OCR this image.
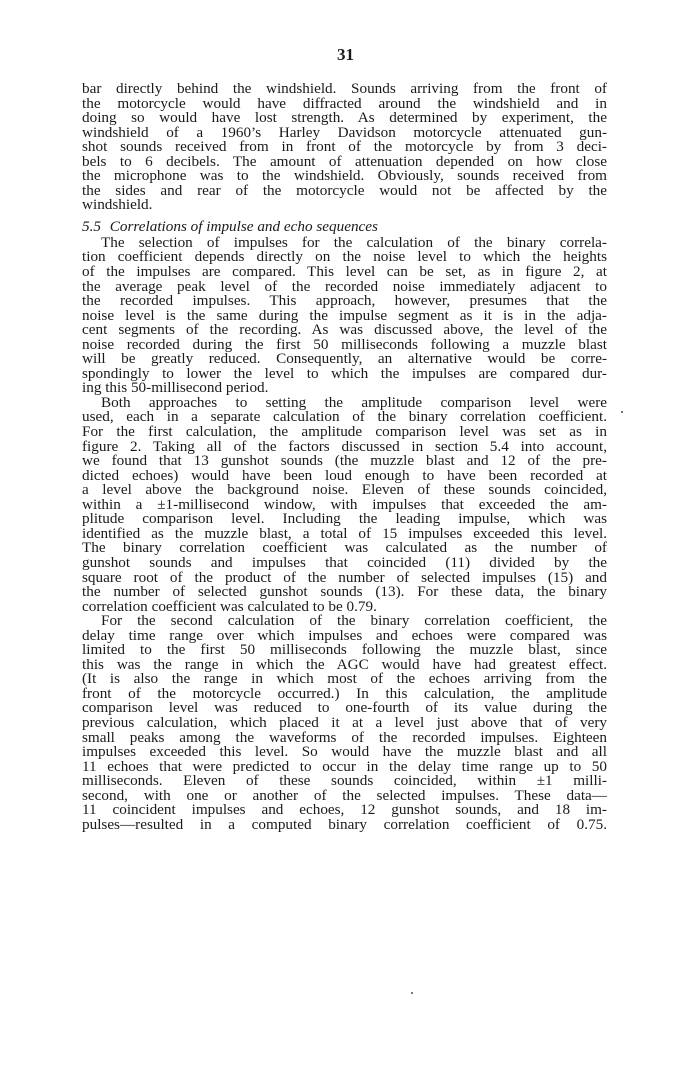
31
bar directly behind the windshield. Sounds arriving from the front of
the motorcycle would have diffracted around the windshield and in
doing so would have lost strength. As determined by experiment, the
windshield of a 1960’s Harley Davidson motorcycle attenuated gun-
shot sounds received from in front of the motorcycle by from 3 deci-
bels to 6 decibels. The amount of attenuation depended on how close
the microphone was to the windshield. Obviously, sounds received from
the sides and rear of the motorcycle would not be affected by the
windshield.
5.5 Correlations of impulse and echo sequences
The selection of impulses for the calculation of the binary correla-
tion coefficient depends directly on the noise level to which the heights
of the impulses are compared. This level can be set, as in figure 2, at
the average peak level of the recorded noise immediately adjacent to
the recorded impulses. This approach, however, presumes that the
noise level is the same during the impulse segment as it is in the adja-
cent segments of the recording. As was discussed above, the level of the
noise recorded during the first 50 milliseconds following a muzzle blast
will be greatly reduced. Consequently, an alternative would be corre-
spondingly to lower the level to which the impulses are compared dur-
ing this 50-millisecond period.
Both approaches to setting the amplitude comparison level were
used, each in a separate calculation of the binary correlation coefficient.
For the first calculation, the amplitude comparison level was set as in
figure 2. Taking all of the factors discussed in section 5.4 into account,
we found that 13 gunshot sounds (the muzzle blast and 12 of the pre-
dicted echoes) would have been loud enough to have been recorded at
a level above the background noise. Eleven of these sounds coincided,
within a ±1-millisecond window, with impulses that exceeded the am-
plitude comparison level. Including the leading impulse, which was
identified as the muzzle blast, a total of 15 impulses exceeded this level.
The binary correlation coefficient was calculated as the number of
gunshot sounds and impulses that coincided (11) divided by the
square root of the product of the number of selected impulses (15) and
the number of selected gunshot sounds (13). For these data, the binary
correlation coefficient was calculated to be 0.79.
For the second calculation of the binary correlation coefficient, the
delay time range over which impulses and echoes were compared was
limited to the first 50 milliseconds following the muzzle blast, since
this was the range in which the AGC would have had greatest effect.
(It is also the range in which most of the echoes arriving from the
front of the motorcycle occurred.) In this calculation, the amplitude
comparison level was reduced to one-fourth of its value during the
previous calculation, which placed it at a level just above that of very
small peaks among the waveforms of the recorded impulses. Eighteen
impulses exceeded this level. So would have the muzzle blast and all
11 echoes that were predicted to occur in the delay time range up to 50
milliseconds. Eleven of these sounds coincided, within ±1 milli-
second, with one or another of the selected impulses. These data—
11 coincident impulses and echoes, 12 gunshot sounds, and 18 im-
pulses—resulted in a computed binary correlation coefficient of 0.75.
